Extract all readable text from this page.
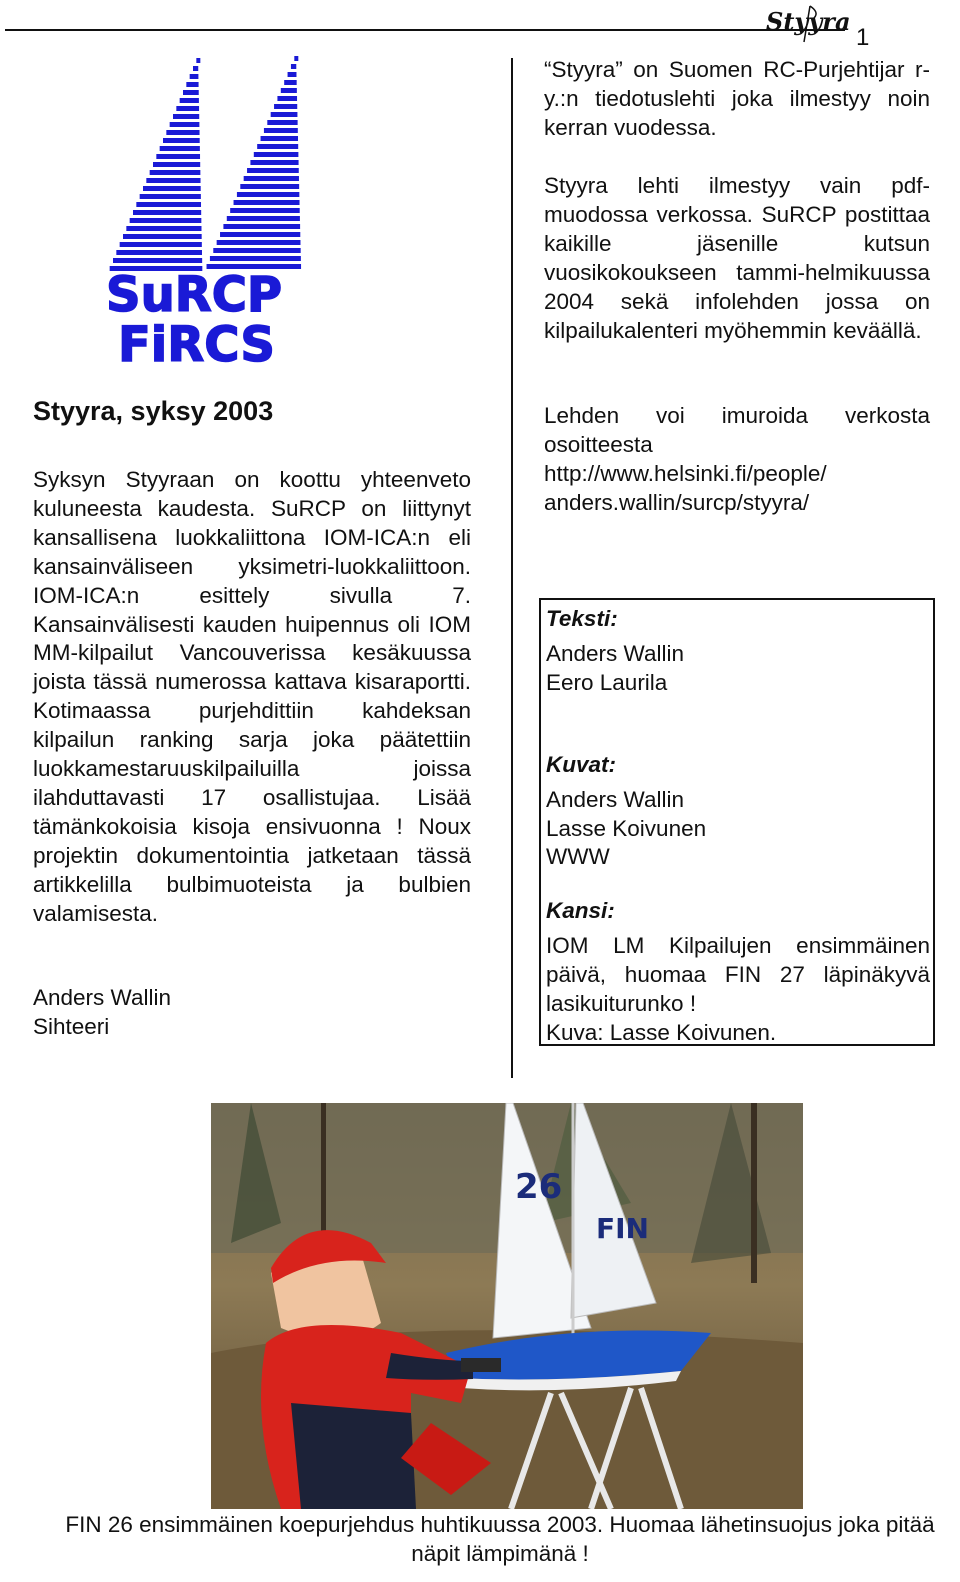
Styyra
1
SuRCP
FiRCS
Styyra, syksy 2003
Syksyn Styyraan on koottu yhteenveto kuluneesta kaudesta. SuRCP on liittynyt kansallisena luokkaliittona IOM-ICA:n eli kansainväliseen yksimetri-luokkaliittoon. IOM-ICA:n esittely sivulla 7. Kansainvälisesti kauden huipennus oli IOM MM-kilpailut Vancouverissa kesäkuussa joista tässä numerossa kattava kisaraportti. Kotimaassa purjehdittiin kahdeksan kilpailun ranking sarja joka päätettiin luokkamestaruuskilpailuilla joissa ilahduttavasti 17 osallistujaa. Lisää tämänkokoisia kisoja ensivuonna ! Noux projektin dokumentointia jatketaan tässä artikkelilla bulbimuoteista ja bulbien valamisesta.
Anders Wallin
Sihteeri
“Styyra” on Suomen RC-Purjehtijar r-y.:n tiedotuslehti joka ilmestyy noin kerran vuodessa.
Styyra lehti ilmestyy vain pdf-muodossa verkossa. SuRCP postittaa kaikille jäsenille kutsun vuosikokoukseen tammi-helmikuussa 2004 sekä infolehden jossa on kilpailukalenteri myöhemmin keväällä.
Lehden voi imuroida verkosta osoitteesta
http://www.helsinki.fi/people/
anders.wallin/surcp/styyra/
Teksti:
Anders Wallin
Eero Laurila
Kuvat:
Anders Wallin
Lasse Koivunen
WWW
Kansi:
IOM LM Kilpailujen ensimmäinen päivä, huomaa FIN 27 läpinäkyvä lasikuiturunko !
Kuva: Lasse Koivunen.
26
FIN
FIN 26 ensimmäinen koepurjehdus huhtikuussa 2003. Huomaa lähetinsuojus joka pitää näpit lämpimänä !
